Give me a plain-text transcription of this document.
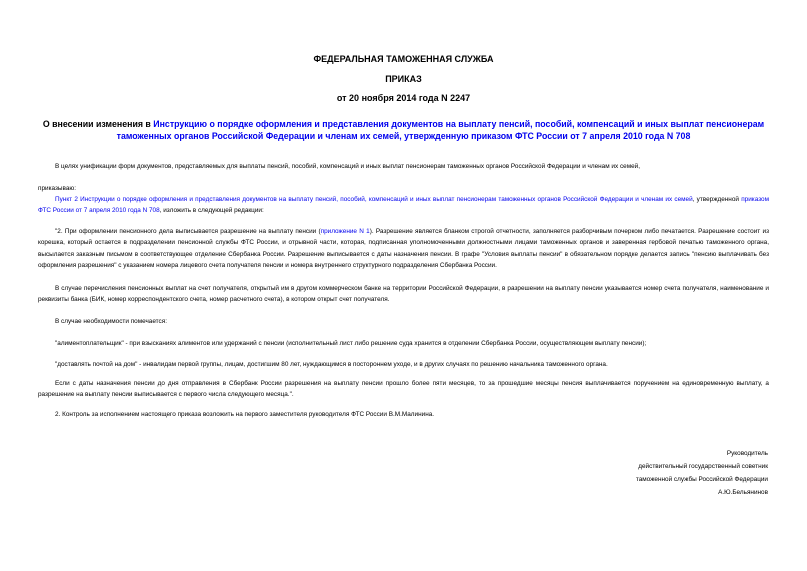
ФЕДЕРАЛЬНАЯ ТАМОЖЕННАЯ СЛУЖБА
ПРИКАЗ
от 20 ноября 2014 года N 2247
О внесении изменения в Инструкцию о порядке оформления и представления документов на выплату пенсий, пособий, компенсаций и иных выплат пенсионерам таможенных органов Российской Федерации и членам их семей, утвержденную приказом ФТС России от 7 апреля 2010 года N 708
В целях унификации форм документов, представляемых для выплаты пенсий, пособий, компенсаций и иных выплат пенсионерам таможенных органов Российской Федерации и членам их семей,
приказываю:
Пункт 2 Инструкции о порядке оформления и представления документов на выплату пенсий, пособий, компенсаций и иных выплат пенсионерам таможенных органов Российской Федерации и членам их семей, утвержденной приказом ФТС России от 7 апреля 2010 года N 708, изложить в следующей редакции:
"2. При оформлении пенсионного дела выписывается разрешение на выплату пенсии (приложение N 1). Разрешение является бланком строгой отчетности, заполняется разборчивым почерком либо печатается. Разрешение состоит из корешка, который остается в подразделении пенсионной службы ФТС России, и отрывной части, которая, подписанная уполномоченными должностными лицами таможенных органов и заверенная гербовой печатью таможенного органа, высылается заказным письмом в соответствующее отделение Сбербанка России. Разрешение выписывается с даты назначения пенсии. В графе "Условия выплаты пенсии" в обязательном порядке делается запись "пенсию выплачивать без оформления разрешения" с указанием номера лицевого счета получателя пенсии и номера внутреннего структурного подразделения Сбербанка России.
В случае перечисления пенсионных выплат на счет получателя, открытый им в другом коммерческом банке на территории Российской Федерации, в разрешении на выплату пенсии указывается номер счета получателя, наименование и реквизиты банка (БИК, номер корреспондентского счета, номер расчетного счета), в котором открыт счет получателя.
В случае необходимости помечается:
"алиментоплательщик" - при взысканиях алиментов или удержаний с пенсии (исполнительный лист либо решение суда хранится в отделении Сбербанка России, осуществляющем выплату пенсии);
"доставлять почтой на дом" - инвалидам первой группы, лицам, достигшим 80 лет, нуждающимся в постороннем уходе, и в других случаях по решению начальника таможенного органа.
Если с даты назначения пенсии до дня отправления в Сбербанк России разрешения на выплату пенсии прошло более пяти месяцев, то за прошедшие месяцы пенсия выплачивается поручением на единовременную выплату, а разрешение на выплату пенсии выписывается с первого числа следующего месяца.".
2. Контроль за исполнением настоящего приказа возложить на первого заместителя руководителя ФТС России В.М.Малинина.
Руководитель
действительный государственный советник
таможенной службы Российской Федерации
А.Ю.Бельянинов
